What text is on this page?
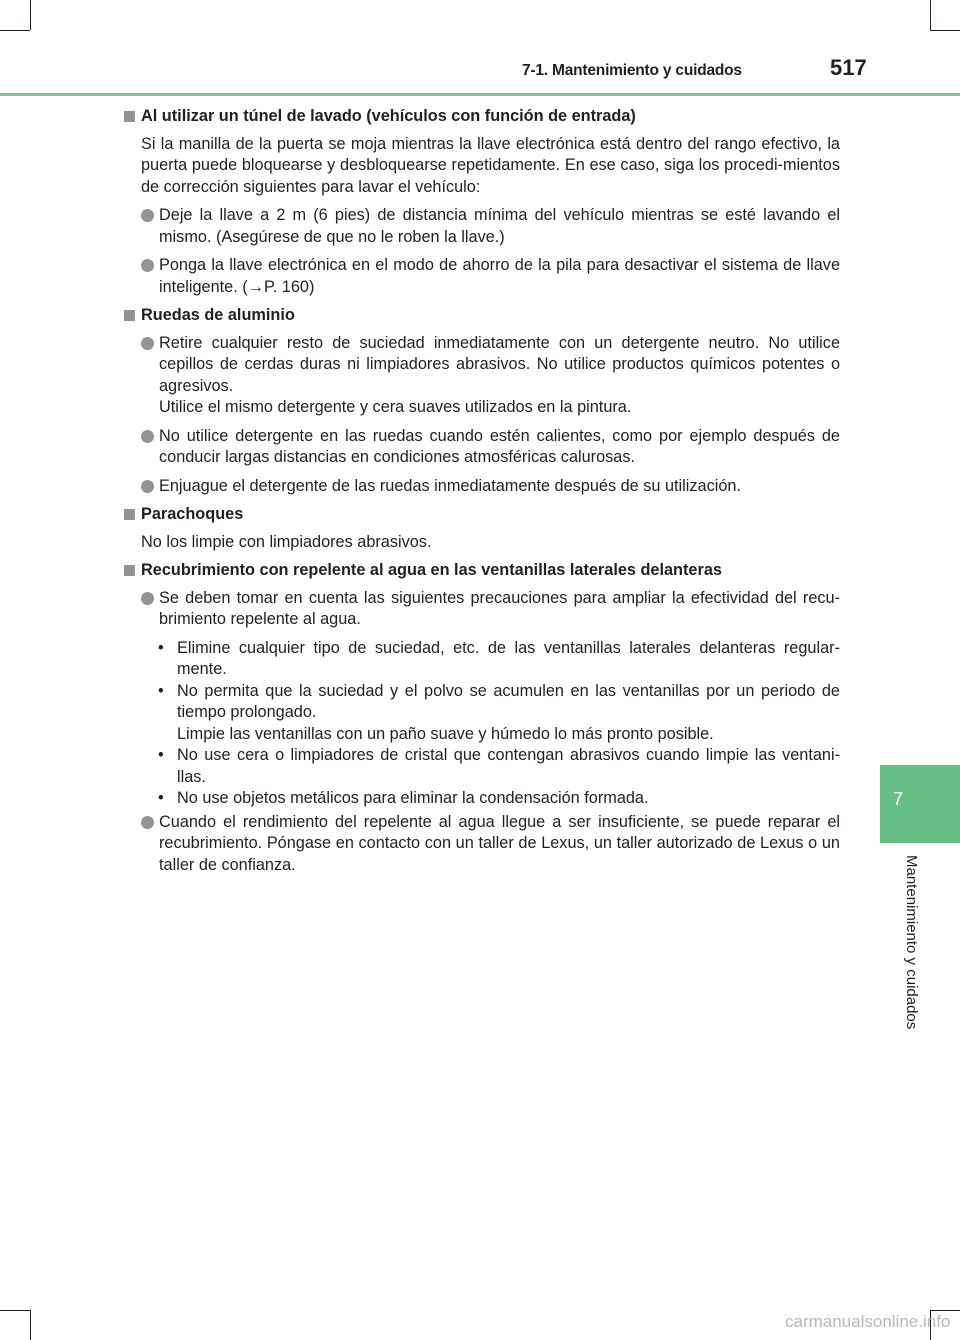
7-1. Mantenimiento y cuidados	517
7
Mantenimiento y cuidados
Al utilizar un túnel de lavado (vehículos con función de entrada)
Si la manilla de la puerta se moja mientras la llave electrónica está dentro del rango efectivo, la puerta puede bloquearse y desbloquearse repetidamente. En ese caso, siga los procedi-mientos de corrección siguientes para lavar el vehículo:
Deje la llave a 2 m (6 pies) de distancia mínima del vehículo mientras se esté lavando el mismo. (Asegúrese de que no le roben la llave.)
Ponga la llave electrónica en el modo de ahorro de la pila para desactivar el sistema de llave inteligente. (→P. 160)
Ruedas de aluminio
Retire cualquier resto de suciedad inmediatamente con un detergente neutro. No utilice cepillos de cerdas duras ni limpiadores abrasivos. No utilice productos químicos potentes o agresivos.
Utilice el mismo detergente y cera suaves utilizados en la pintura.
No utilice detergente en las ruedas cuando estén calientes, como por ejemplo después de conducir largas distancias en condiciones atmosféricas calurosas.
Enjuague el detergente de las ruedas inmediatamente después de su utilización.
Parachoques
No los limpie con limpiadores abrasivos.
Recubrimiento con repelente al agua en las ventanillas laterales delanteras
Se deben tomar en cuenta las siguientes precauciones para ampliar la efectividad del recu-brimiento repelente al agua.
• Elimine cualquier tipo de suciedad, etc. de las ventanillas laterales delanteras regular-mente.
• No permita que la suciedad y el polvo se acumulen en las ventanillas por un periodo de tiempo prolongado.
Limpie las ventanillas con un paño suave y húmedo lo más pronto posible.
• No use cera o limpiadores de cristal que contengan abrasivos cuando limpie las ventani-llas.
• No use objetos metálicos para eliminar la condensación formada.
Cuando el rendimiento del repelente al agua llegue a ser insuficiente, se puede reparar el recubrimiento. Póngase en contacto con un taller de Lexus, un taller autorizado de Lexus o un taller de confianza.
carmanualsonline.info
